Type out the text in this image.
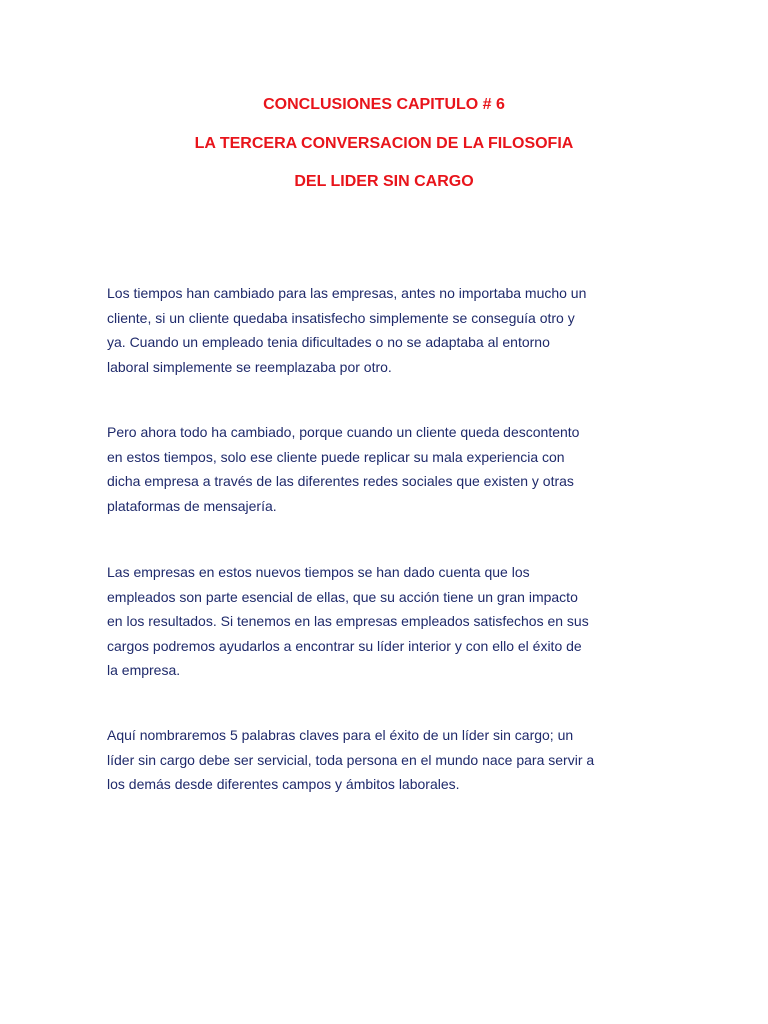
CONCLUSIONES CAPITULO # 6
LA TERCERA CONVERSACION DE LA FILOSOFIA
DEL LIDER SIN CARGO

Los tiempos han cambiado para las empresas, antes no importaba mucho un
cliente, si un cliente quedaba insatisfecho simplemente se conseguía otro y
ya. Cuando un empleado tenia dificultades o no se adaptaba al entorno
laboral simplemente se reemplazaba por otro.

Pero ahora todo ha cambiado, porque cuando un cliente queda descontento
en estos tiempos, solo ese cliente puede replicar su mala experiencia con
dicha empresa a través de las diferentes redes sociales que existen y otras
plataformas de mensajería.

Las empresas en estos nuevos tiempos se han dado cuenta que los
empleados son parte esencial de ellas, que su acción tiene un gran impacto
en los resultados. Si tenemos en las empresas empleados satisfechos en sus
cargos podremos ayudarlos a encontrar su líder interior y con ello el éxito de
la empresa.

Aquí nombraremos 5 palabras claves para el éxito de un líder sin cargo; un
líder sin cargo debe ser servicial, toda persona en el mundo nace para servir a
los demás desde diferentes campos y ámbitos laborales.
